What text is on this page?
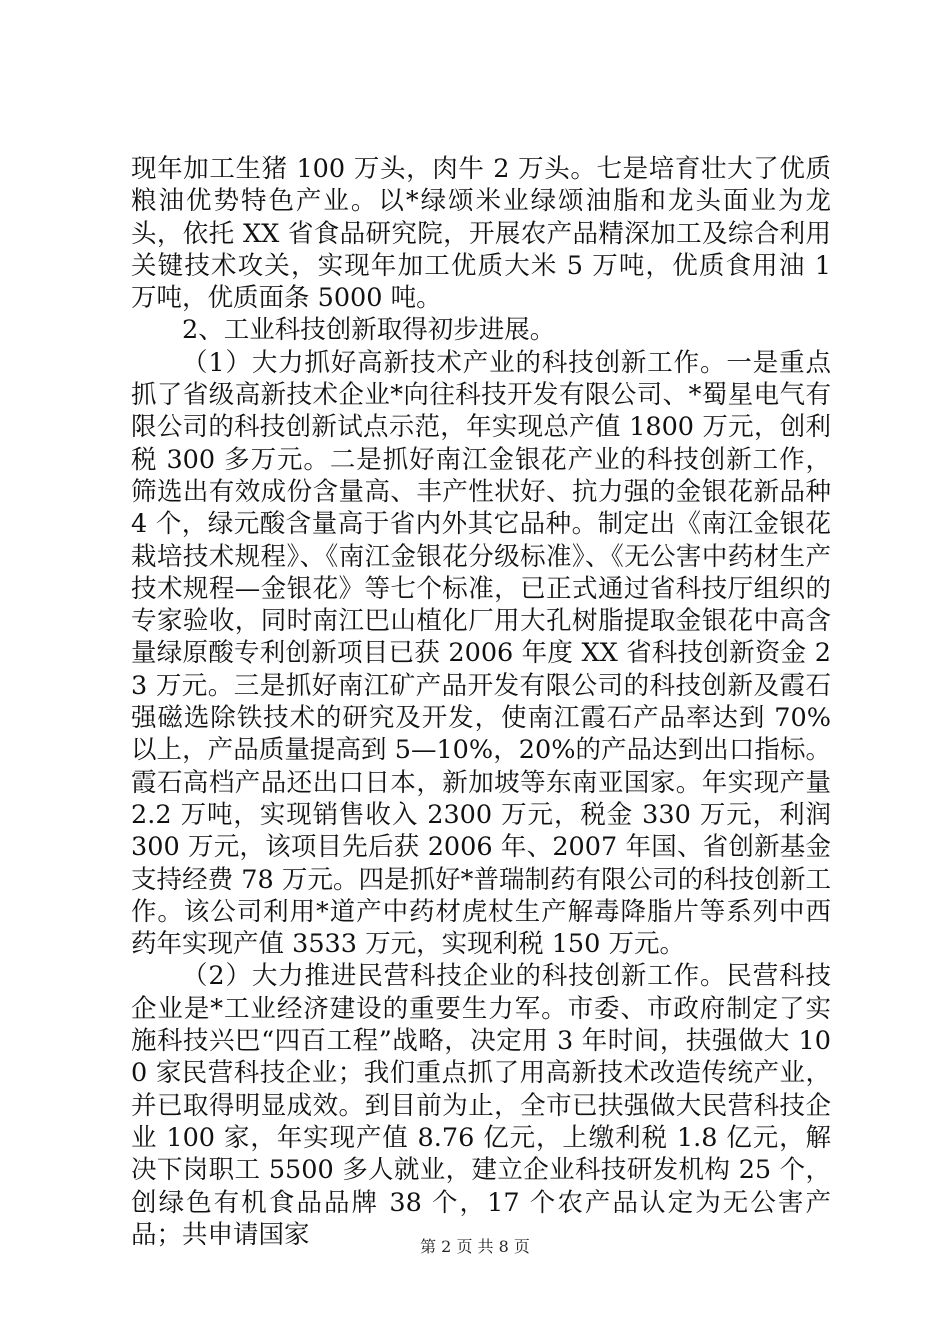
现年加工生猪 100 万头，肉牛 2 万头。七是培育壮大了优质粮油优势特色产业。以*绿颂米业绿颂油脂和龙头面业为龙头，依托 XX 省食品研究院，开展农产品精深加工及综合利用关键技术攻关，实现年加工优质大米 5 万吨，优质食用油 1 万吨，优质面条 5000 吨。

2、工业科技创新取得初步进展。

（1）大力抓好高新技术产业的科技创新工作。一是重点抓了省级高新技术企业*向往科技开发有限公司、*蜀星电气有限公司的科技创新试点示范，年实现总产值 1800 万元，创利税 300 多万元。二是抓好南江金银花产业的科技创新工作，筛选出有效成份含量高、丰产性状好、抗力强的金银花新品种 4 个，绿元酸含量高于省内外其它品种。制定出《南江金银花栽培技术规程》、《南江金银花分级标准》、《无公害中药材生产技术规程—金银花》等七个标准，已正式通过省科技厅组织的专家验收，同时南江巴山植化厂用大孔树脂提取金银花中高含量绿原酸专利创新项目已获 2006 年度 XX 省科技创新资金 23 万元。三是抓好南江矿产品开发有限公司的科技创新及霞石强磁选除铁技术的研究及开发，使南江霞石产品率达到 70%以上，产品质量提高到 5—10%，20%的产品达到出口指标。霞石高档产品还出口日本，新加坡等东南亚国家。年实现产量 2.2 万吨，实现销售收入 2300 万元，税金 330 万元，利润 300 万元，该项目先后获 2006 年、2007 年国、省创新基金支持经费 78 万元。四是抓好*普瑞制药有限公司的科技创新工作。该公司利用*道产中药材虎杖生产解毒降脂片等系列中西药年实现产值 3533 万元，实现利税 150 万元。

（2）大力推进民营科技企业的科技创新工作。民营科技企业是*工业经济建设的重要生力军。市委、市政府制定了实施科技兴巴“四百工程”战略，决定用 3 年时间，扶强做大 100 家民营科技企业；我们重点抓了用高新技术改造传统产业，并已取得明显成效。到目前为止，全市已扶强做大民营科技企业 100 家，年实现产值 8.76 亿元，上缴利税 1.8 亿元，解决下岗职工 5500 多人就业，建立企业科技研发机构 25 个，创绿色有机食品品牌 38 个，17 个农产品认定为无公害产品；共申请国家	第 2 页 共 8 页
